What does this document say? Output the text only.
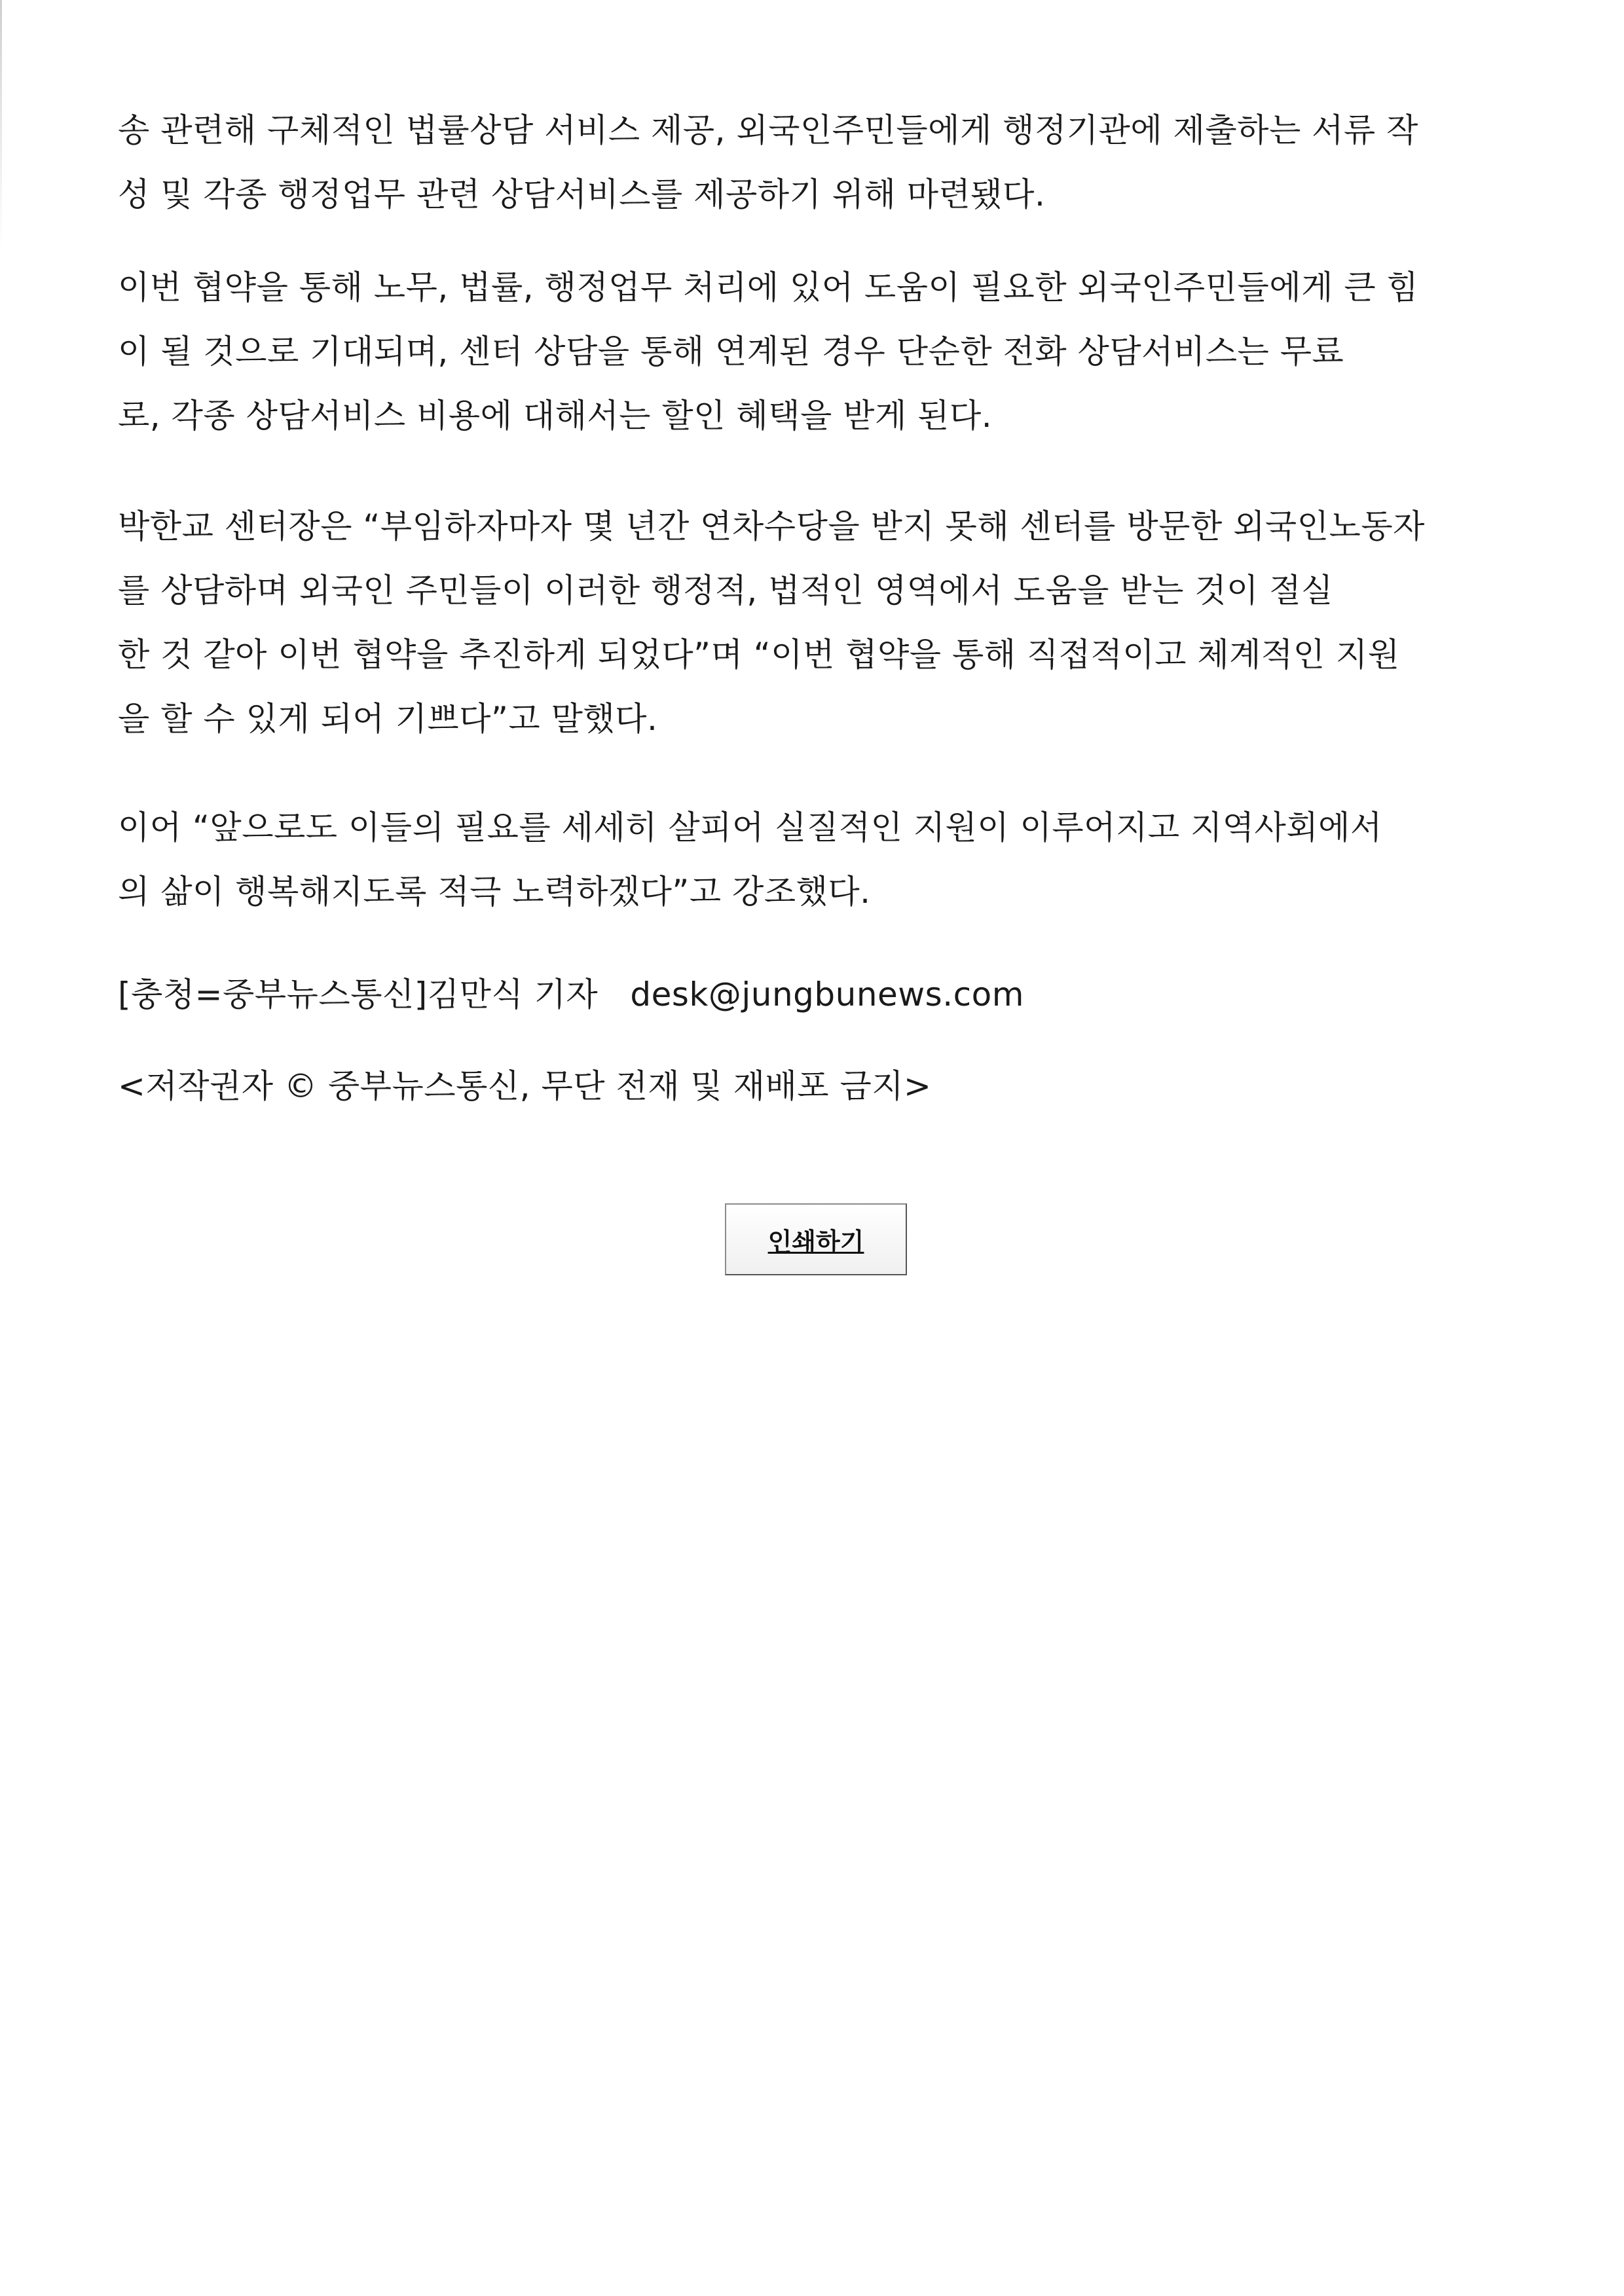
송 관련해 구체적인 법률상담 서비스 제공, 외국인주민들에게 행정기관에 제출하는 서류 작
성 및 각종 행정업무 관련 상담서비스를 제공하기 위해 마련됐다.
이번 협약을 통해 노무, 법률, 행정업무 처리에 있어 도움이 필요한 외국인주민들에게 큰 힘
이 될 것으로 기대되며, 센터 상담을 통해 연계된 경우 단순한 전화 상담서비스는 무료
로, 각종 상담서비스 비용에 대해서는 할인 혜택을 받게 된다.
박한교 센터장은 “부임하자마자 몇 년간 연차수당을 받지 못해 센터를 방문한 외국인노동자
를 상담하며 외국인 주민들이 이러한 행정적, 법적인 영역에서 도움을 받는 것이 절실
한 것 같아 이번 협약을 추진하게 되었다”며 “이번 협약을 통해 직접적이고 체계적인 지원
을 할 수 있게 되어 기쁘다”고 말했다.
이어 “앞으로도 이들의 필요를 세세히 살피어 실질적인 지원이 이루어지고 지역사회에서
의 삶이 행복해지도록 적극 노력하겠다”고 강조했다.
[충청=중부뉴스통신]김만식 기자   desk@jungbunews.com
<저작권자 © 중부뉴스통신, 무단 전재 및 재배포 금지>
인쇄하기
